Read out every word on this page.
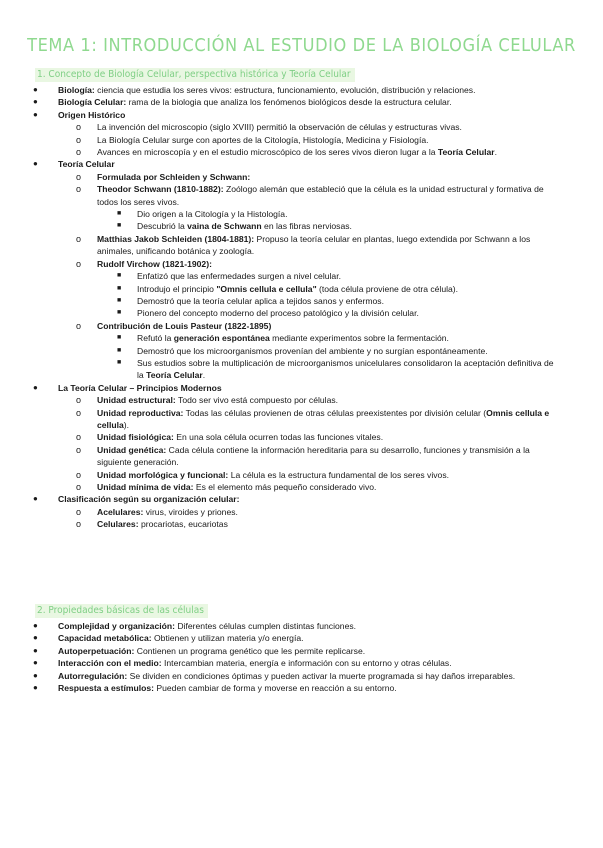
TEMA 1: INTRODUCCIÓN AL ESTUDIO DE LA BIOLOGÍA CELULAR
1. Concepto de Biología Celular, perspectiva histórica y Teoría Celular
● Biología: ciencia que estudia los seres vivos: estructura, funcionamiento, evolución, distribución y relaciones.
● Biología Celular: rama de la biologia que analiza los fenómenos biológicos desde la estructura celular.
● Origen Histórico
o La invención del microscopio (siglo XVIII) permitió la observación de células y estructuras vivas.
o La Biología Celular surge con aportes de la Citología, Histología, Medicina y Fisiología.
o Avances en microscopía y en el estudio microscópico de los seres vivos dieron lugar a la Teoría Celular.
● Teoría Celular
o Formulada por Schleiden y Schwann:
o Theodor Schwann (1810-1882): Zoólogo alemán que estableció que la célula es la unidad estructural y formativa de todos los seres vivos.
■ Dio origen a la Citología y la Histología.
■ Descubrió la vaina de Schwann en las fibras nerviosas.
o Matthias Jakob Schleiden (1804-1881): Propuso la teoría celular en plantas, luego extendida por Schwann a los animales, unificando botánica y zoología.
o Rudolf Virchow (1821-1902):
■ Enfatizó que las enfermedades surgen a nivel celular.
■ Introdujo el principio "Omnis cellula e cellula" (toda célula proviene de otra célula).
■ Demostró que la teoría celular aplica a tejidos sanos y enfermos.
■ Pionero del concepto moderno del proceso patológico y la división celular.
o Contribución de Louis Pasteur (1822-1895)
■ Refutó la generación espontánea mediante experimentos sobre la fermentación.
■ Demostró que los microorganismos provenían del ambiente y no surgían espontáneamente.
■ Sus estudios sobre la multiplicación de microorganismos unicelulares consolidaron la aceptación definitiva de la Teoría Celular.
● La Teoría Celular – Principios Modernos
o Unidad estructural: Todo ser vivo está compuesto por células.
o Unidad reproductiva: Todas las células provienen de otras células preexistentes por división celular (Omnis cellula e cellula).
o Unidad fisiológica: En una sola célula ocurren todas las funciones vitales.
o Unidad genética: Cada célula contiene la información hereditaria para su desarrollo, funciones y transmisión a la siguiente generación.
o Unidad morfológica y funcional: La célula es la estructura fundamental de los seres vivos.
o Unidad mínima de vida: Es el elemento más pequeño considerado vivo.
● Clasificación según su organización celular:
o Acelulares: virus, viroides y priones.
o Celulares: procariotas, eucariotas
2. Propiedades básicas de las células
● Complejidad y organización: Diferentes células cumplen distintas funciones.
● Capacidad metabólica: Obtienen y utilizan materia y/o energía.
● Autoperpetuación: Contienen un programa genético que les permite replicarse.
● Interacción con el medio: Intercambian materia, energía e información con su entorno y otras células.
● Autorregulación: Se dividen en condiciones óptimas y pueden activar la muerte programada si hay daños irreparables.
● Respuesta a estímulos: Pueden cambiar de forma y moverse en reacción a su entorno.
